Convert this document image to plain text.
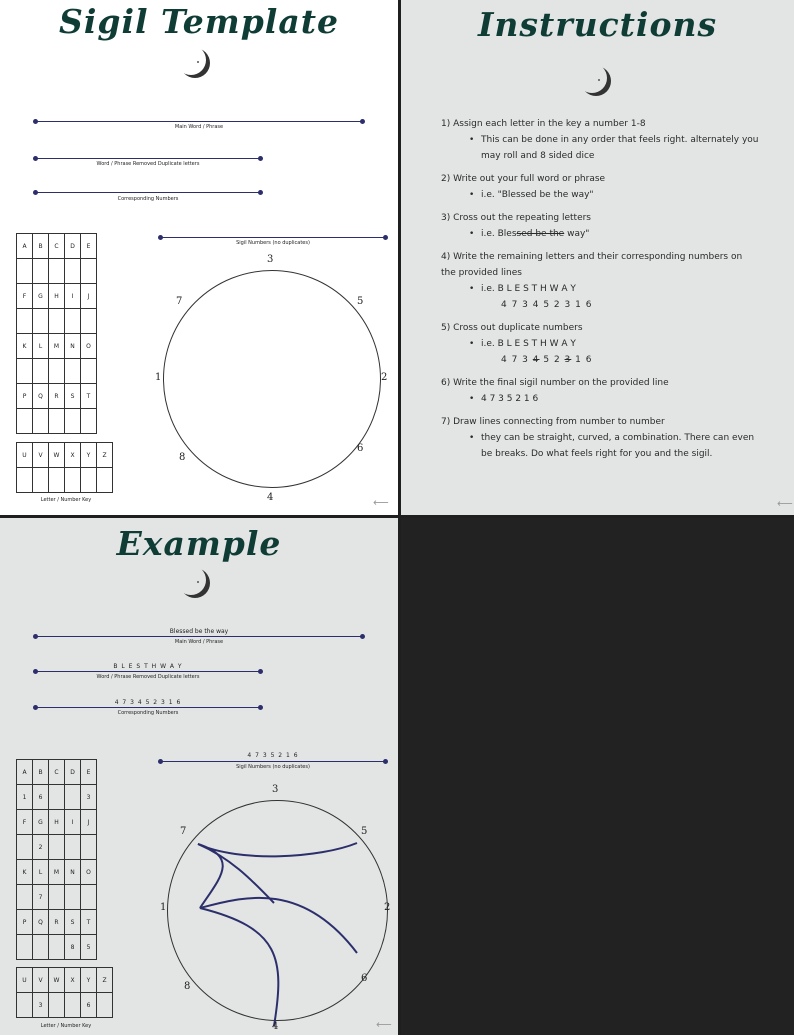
Sigil Template
Main Word / Phrase
Word / Phrase Removed Duplicate letters
Corresponding Numbers
Sigil Numbers (no duplicates)
A	B	C	D	E

F	G	H	I	J

K	L	M	N	O

P	Q	R	S	T

U	V	W	X	Y	Z

Letter / Number Key
3
5
2
6
4
8
1
7
⟵
Instructions
1) Assign each letter in the key a number 1-8
• This can be done in any order that feels right. alternately you
may roll and 8 sided dice
2) Write out your full word or phrase
• i.e. "Blessed be the way"
3) Cross out the repeating letters
• i.e. Blessed be the way"
4) Write the remaining letters and their corresponding numbers on
the provided lines
• i.e. B L E S T H W A Y
4 7 3 4 5 2 3 1 6
5) Cross out duplicate numbers
• i.e. B L E S T H W A Y
4 7 3 4 5 2 3 1 6
6) Write the final sigil number on the provided line
• 4 7 3 5 2 1 6
7) Draw lines connecting from number to number
• they can be straight, curved, a combination. There can even
be breaks. Do what feels right for you and the sigil.
⟵
Example
Blessed be the way
Main Word / Phrase
B L E S T H W A Y
Word / Phrase Removed Duplicate letters
4 7 3 4 5 2 3 1 6
Corresponding Numbers
4 7 3 5 2 1 6
Sigil Numbers (no duplicates)
A	B	C	D	E
1	6			3
F	G	H	I	J
	2			
K	L	M	N	O
	7			
P	Q	R	S	T
			8	5
U	V	W	X	Y	Z
	3			6	
Letter / Number Key
3
5
2
6
4
8
1
7
⟵
